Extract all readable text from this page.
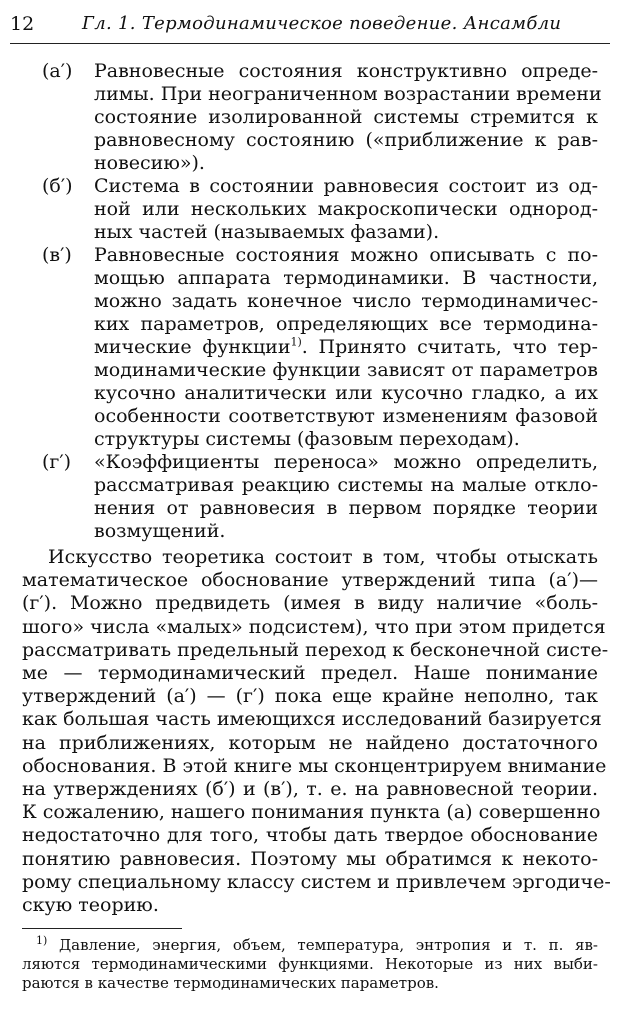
12	Гл. 1. Термодинамическое поведение. Ансамбли
(а′) Равновесные состояния конструктивно опреде-
лимы. При неограниченном возрастании времени
состояние изолированной системы стремится к
равновесному состоянию («приближение к рав-
новесию»).
(б′) Система в состоянии равновесия состоит из од-
ной или нескольких макроскопически однород-
ных частей (называемых фазами).
(в′) Равновесные состояния можно описывать с по-
мощью аппарата термодинамики. В частности,
можно задать конечное число термодинамичес-
ких параметров, определяющих все термодина-
мические функции$^{1)}$. Принято считать, что тер-
модинамические функции зависят от параметров
кусочно аналитически или кусочно гладко, а их
особенности соответствуют изменениям фазовой
структуры системы (фазовым переходам).
(г′) «Коэффициенты переноса» можно определить,
рассматривая реакцию системы на малые откло-
нения от равновесия в первом порядке теории
возмущений.
Искусство теоретика состоит в том, чтобы отыскать
математическое обоснование утверждений типа (а′)—
(г′). Можно предвидеть (имея в виду наличие «боль-
шого» числа «малых» подсистем), что при этом придется
рассматривать предельный переход к бесконечной систе-
ме — термодинамический предел. Наше понимание
утверждений (а′) — (г′) пока еще крайне неполно, так
как большая часть имеющихся исследований базируется
на приближениях, которым не найдено достаточного
обоснования. В этой книге мы сконцентрируем внимание
на утверждениях (б′) и (в′), т. е. на равновесной теории.
К сожалению, нашего понимания пункта (а) совершенно
недостаточно для того, чтобы дать твердое обоснование
понятию равновесия. Поэтому мы обратимся к некото-
рому специальному классу систем и привлечем эргодиче-
скую теорию.
$^{1)}$ Давление, энергия, объем, температура, энтропия и т. п. яв-
ляются термодинамическими функциями. Некоторые из них выби-
раются в качестве термодинамических параметров.
